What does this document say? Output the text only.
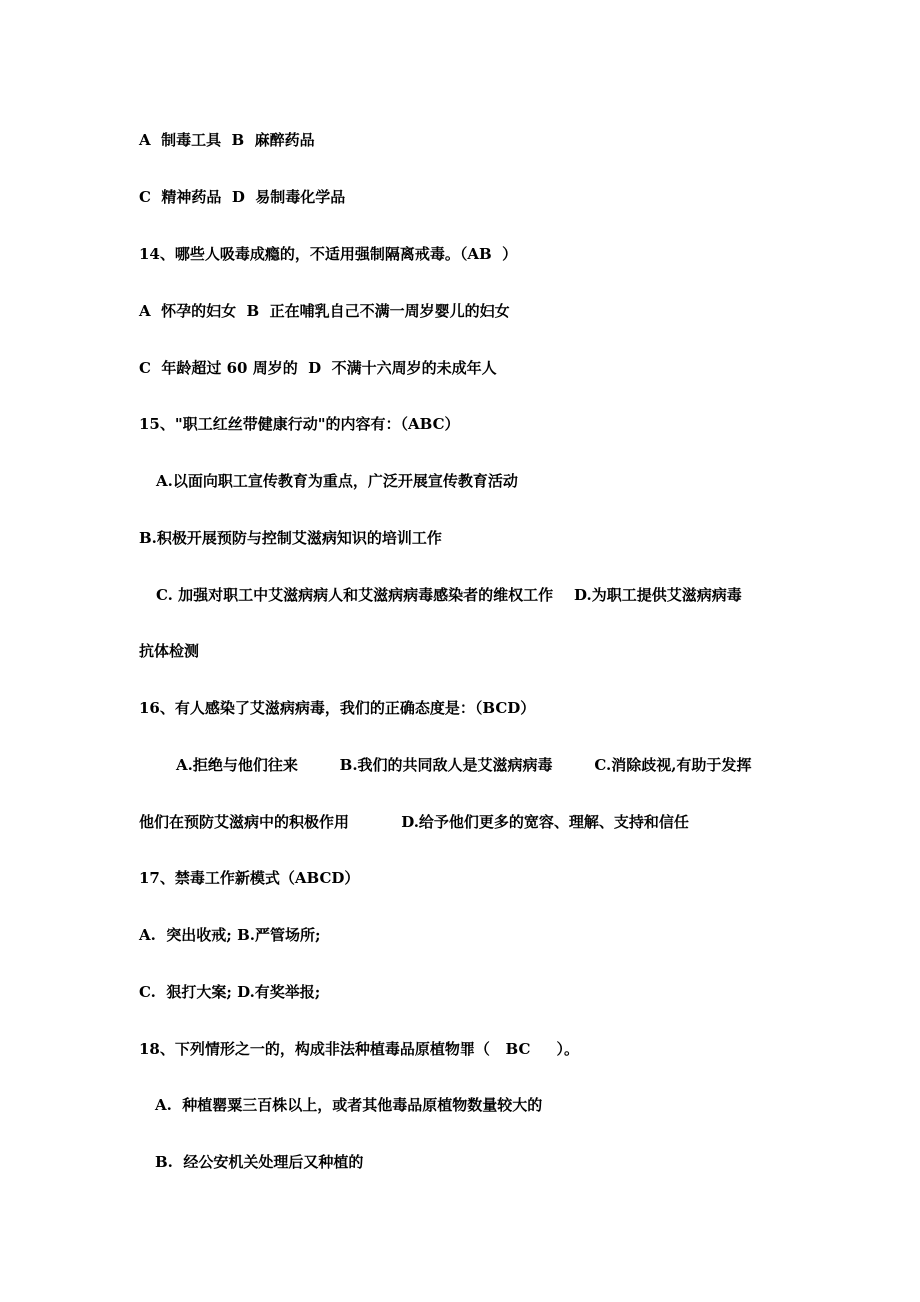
A  制毒工具  B  麻醉药品
C  精神药品  D  易制毒化学品
14、哪些人吸毒成瘾的，不适用强制隔离戒毒。（AB  ）
A  怀孕的妇女  B  正在哺乳自己不满一周岁婴儿的妇女
C  年龄超过 60 周岁的  D  不满十六周岁的未成年人
15、"职工红丝带健康行动"的内容有：（ABC）
A.以面向职工宣传教育为重点，广泛开展宣传教育活动
B.积极开展预防与控制艾滋病知识的培训工作
C. 加强对职工中艾滋病病人和艾滋病病毒感染者的维权工作    D.为职工提供艾滋病病毒
抗体检测
16、有人感染了艾滋病病毒，我们的正确态度是：（BCD）
A.拒绝与他们往来        B.我们的共同敌人是艾滋病病毒        C.消除歧视,有助于发挥
他们在预防艾滋病中的积极作用          D.给予他们更多的宽容、理解、支持和信任
17、禁毒工作新模式（ABCD）
A.  突出收戒; B.严管场所;
C.  狠打大案; D.有奖举报;
18、下列情形之一的，构成非法种植毒品原植物罪（   BC     ）。
A.  种植罂粟三百株以上，或者其他毒品原植物数量较大的
B.  经公安机关处理后又种植的
